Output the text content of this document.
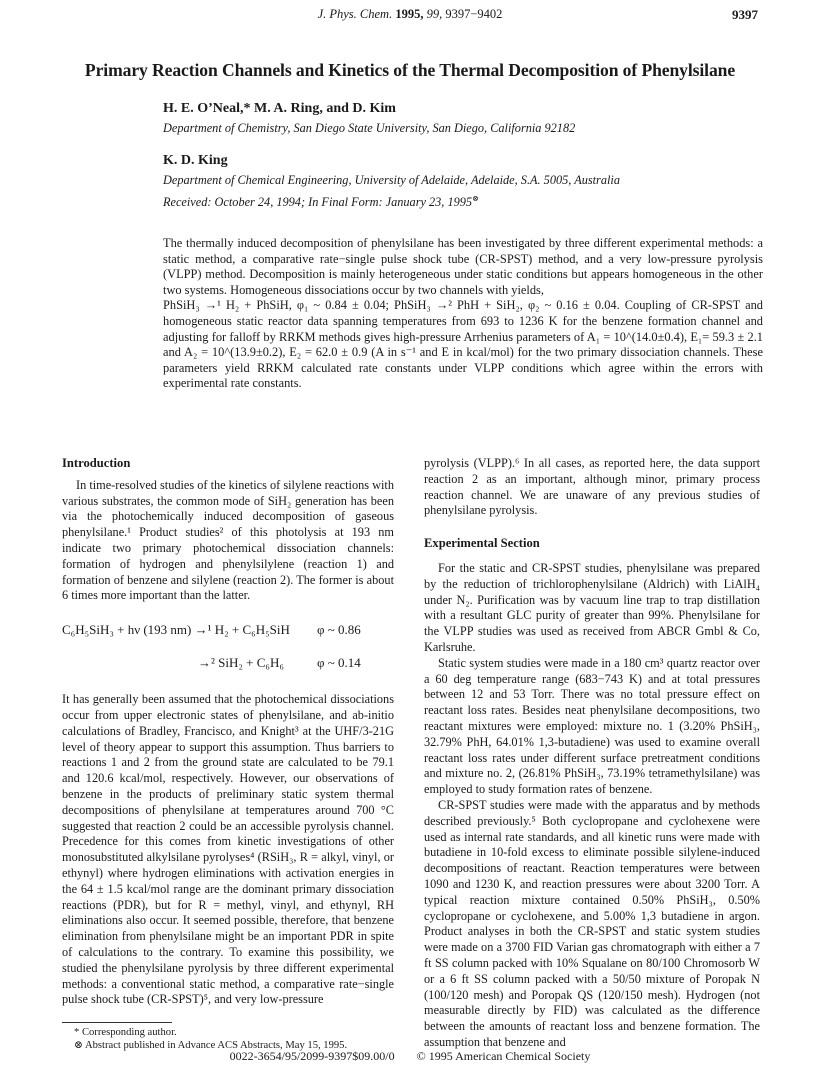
J. Phys. Chem. 1995, 99, 9397−9402	9397
Primary Reaction Channels and Kinetics of the Thermal Decomposition of Phenylsilane
H. E. O’Neal,* M. A. Ring, and D. Kim
Department of Chemistry, San Diego State University, San Diego, California 92182
K. D. King
Department of Chemical Engineering, University of Adelaide, Adelaide, S.A. 5005, Australia
Received: October 24, 1994; In Final Form: January 23, 1995⊗
The thermally induced decomposition of phenylsilane has been investigated by three different experimental methods: a static method, a comparative rate−single pulse shock tube (CR-SPST) method, and a very low-pressure pyrolysis (VLPP) method. Decomposition is mainly heterogeneous under static conditions but appears homogeneous in the other two systems. Homogeneous dissociations occur by two channels with yields,
PhSiH₃ →¹ H₂ + PhSiH, φ₁ ~ 0.84 ± 0.04; PhSiH₃ →² PhH + SiH₂, φ₂ ~ 0.16 ± 0.04. Coupling of CR-SPST and homogeneous static reactor data spanning temperatures from 693 to 1236 K for the benzene formation channel and adjusting for falloff by RRKM methods gives high-pressure Arrhenius parameters of A₁ = 10^(14.0±0.4), E₁= 59.3 ± 2.1 and A₂ = 10^(13.9±0.2), E₂ = 62.0 ± 0.9 (A in s⁻¹ and E in kcal/mol) for the two primary dissociation channels. These parameters yield RRKM calculated rate constants under VLPP conditions which agree within the errors with experimental rate constants.
Introduction

In time-resolved studies of the kinetics of silylene reactions with various substrates, the common mode of SiH₂ generation has been via the photochemically induced decomposition of gaseous phenylsilane.¹ Product studies² of this photolysis at 193 nm indicate two primary photochemical dissociation channels: formation of hydrogen and phenylsilylene (reaction 1) and formation of benzene and silylene (reaction 2). The former is about 6 times more important than the latter.

C₆H₅SiH₃ + hν (193 nm) →¹ H₂ + C₆H₅SiH φ ~ 0.86
→² SiH₂ + C₆H₆	φ ~ 0.14

It has generally been assumed that the photochemical dissociations occur from upper electronic states of phenylsilane, and ab-initio calculations of Bradley, Francisco, and Knight³ at the UHF/3-21G level of theory appear to support this assumption. Thus barriers to reactions 1 and 2 from the ground state are calculated to be 79.1 and 120.6 kcal/mol, respectively. However, our observations of benzene in the products of preliminary static system thermal decompositions of phenylsilane at temperatures around 700 °C suggested that reaction 2 could be an accessible pyrolysis channel. Precedence for this comes from kinetic investigations of other monosubstituted alkylsilane pyrolyses⁴ (RSiH₃, R = alkyl, vinyl, or ethynyl) where hydrogen eliminations with activation energies in the 64 ± 1.5 kcal/mol range are the dominant primary dissociation reactions (PDR), but for R = methyl, vinyl, and ethynyl, RH eliminations also occur. It seemed possible, therefore, that benzene elimination from phenylsilane might be an important PDR in spite of calculations to the contrary. To examine this possibility, we studied the phenylsilane pyrolysis by three different experimental methods: a conventional static method, a comparative rate−single pulse shock tube (CR-SPST)⁵, and very low-pressure

pyrolysis (VLPP).⁶ In all cases, as reported here, the data support reaction 2 as an important, although minor, primary process reaction channel. We are unaware of any previous studies of phenylsilane pyrolysis.

Experimental Section

For the static and CR-SPST studies, phenylsilane was prepared by the reduction of trichlorophenylsilane (Aldrich) with LiAlH₄ under N₂. Purification was by vacuum line trap to trap distillation with a resultant GLC purity of greater than 99%. Phenylsilane for the VLPP studies was used as received from ABCR Gmbl & Co, Karlsruhe.

Static system studies were made in a 180 cm³ quartz reactor over a 60 deg temperature range (683−743 K) and at total pressures between 12 and 53 Torr. There was no total pressure effect on reactant loss rates. Besides neat phenylsilane decompositions, two reactant mixtures were employed: mixture no. 1 (3.20% PhSiH₃, 32.79% PhH, 64.01% 1,3-butadiene) was used to examine overall reactant loss rates under different surface pretreatment conditions and mixture no. 2, (26.81% PhSiH₃, 73.19% tetramethylsilane) was employed to study formation rates of benzene.

CR-SPST studies were made with the apparatus and by methods described previously.⁵ Both cyclopropane and cyclohexene were used as internal rate standards, and all kinetic runs were made with butadiene in 10-fold excess to eliminate possible silylene-induced decompositions of reactant. Reaction temperatures were between 1090 and 1230 K, and reaction pressures were about 3200 Torr. A typical reaction mixture contained 0.50% PhSiH₃, 0.50% cyclopropane or cyclohexene, and 5.00% 1,3 butadiene in argon. Product analyses in both the CR-SPST and static system studies were made on a 3700 FID Varian gas chromatograph with either a 7 ft SS column packed with 10% Squalane on 80/100 Chromosorb W or a 6 ft SS column packed with a 50/50 mixture of Poropak N (100/120 mesh) and Poropak QS (120/150 mesh). Hydrogen (not measurable directly by FID) was calculated as the difference between the amounts of reactant loss and benzene formation. The assumption that benzene and

* Corresponding author.
⊗ Abstract published in Advance ACS Abstracts, May 15, 1995.
0022-3654/95/2099-9397$09.00/0 © 1995 American Chemical Society
